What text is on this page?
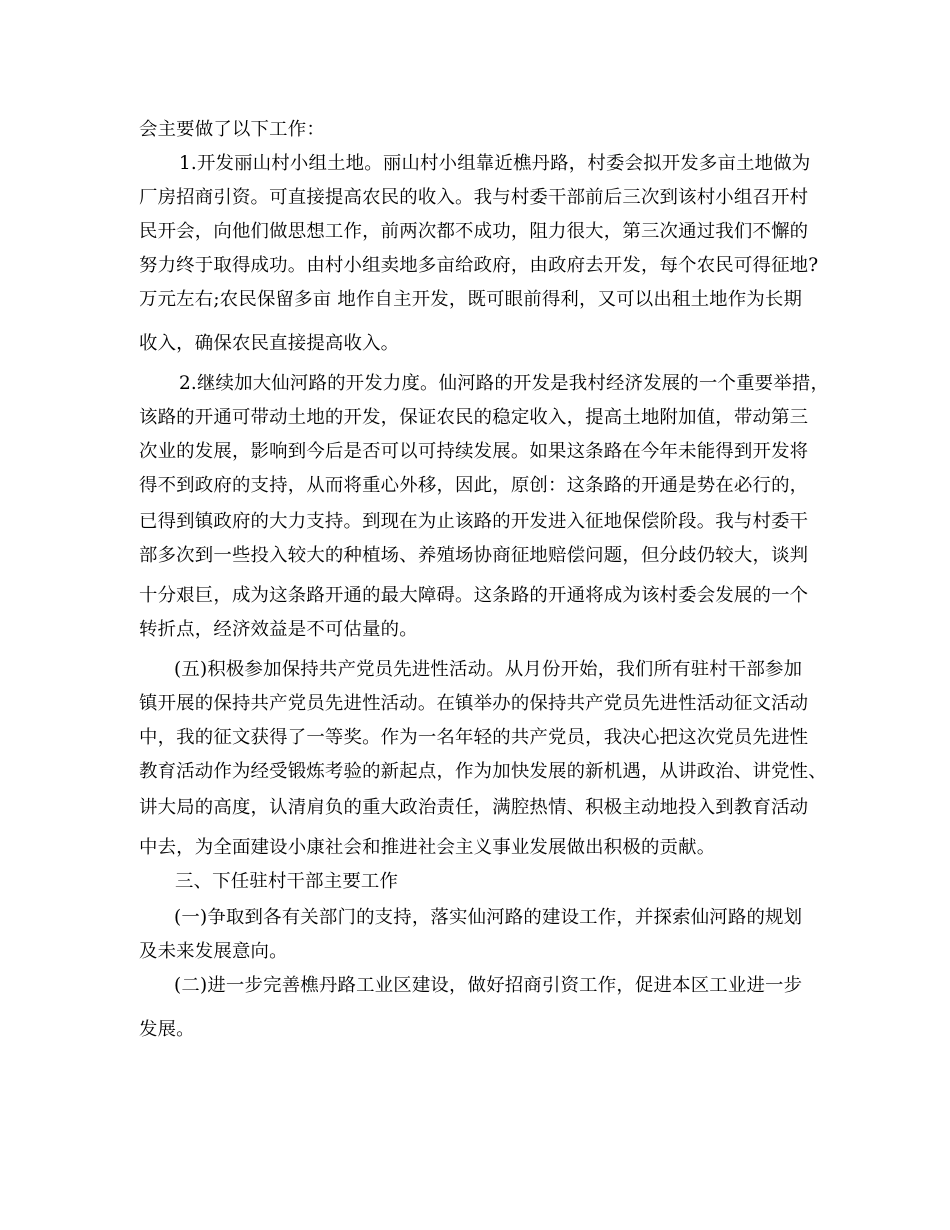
会主要做了以下工作：
1.开发丽山村小组土地。丽山村小组靠近樵丹路，村委会拟开发多亩土地做为
厂房招商引资。可直接提高农民的收入。我与村委干部前后三次到该村小组召开村
民开会，向他们做思想工作，前两次都不成功，阻力很大，第三次通过我们不懈的
努力终于取得成功。由村小组卖地多亩给政府，由政府去开发，每个农民可得征地?
万元左右;农民保留多亩 地作自主开发，既可眼前得利，又可以出租土地作为长期
收入，确保农民直接提高收入。
2.继续加大仙河路的开发力度。仙河路的开发是我村经济发展的一个重要举措，
该路的开通可带动土地的开发，保证农民的稳定收入，提高土地附加值，带动第三
次业的发展，影响到今后是否可以可持续发展。如果这条路在今年未能得到开发将
得不到政府的支持，从而将重心外移，因此，原创：这条路的开通是势在必行的，
已得到镇政府的大力支持。到现在为止该路的开发进入征地保偿阶段。我与村委干
部多次到一些投入较大的种植场、养殖场协商征地赔偿问题，但分歧仍较大，谈判
十分艰巨，成为这条路开通的最大障碍。这条路的开通将成为该村委会发展的一个
转折点，经济效益是不可估量的。
(五)积极参加保持共产党员先进性活动。从月份开始，我们所有驻村干部参加
镇开展的保持共产党员先进性活动。在镇举办的保持共产党员先进性活动征文活动
中，我的征文获得了一等奖。作为一名年轻的共产党员，我决心把这次党员先进性
教育活动作为经受锻炼考验的新起点，作为加快发展的新机遇，从讲政治、讲党性、
讲大局的高度，认清肩负的重大政治责任，满腔热情、积极主动地投入到教育活动
中去，为全面建设小康社会和推进社会主义事业发展做出积极的贡献。
三、下任驻村干部主要工作
(一)争取到各有关部门的支持，落实仙河路的建设工作，并探索仙河路的规划
及未来发展意向。
(二)进一步完善樵丹路工业区建设，做好招商引资工作，促进本区工业进一步
发展。
